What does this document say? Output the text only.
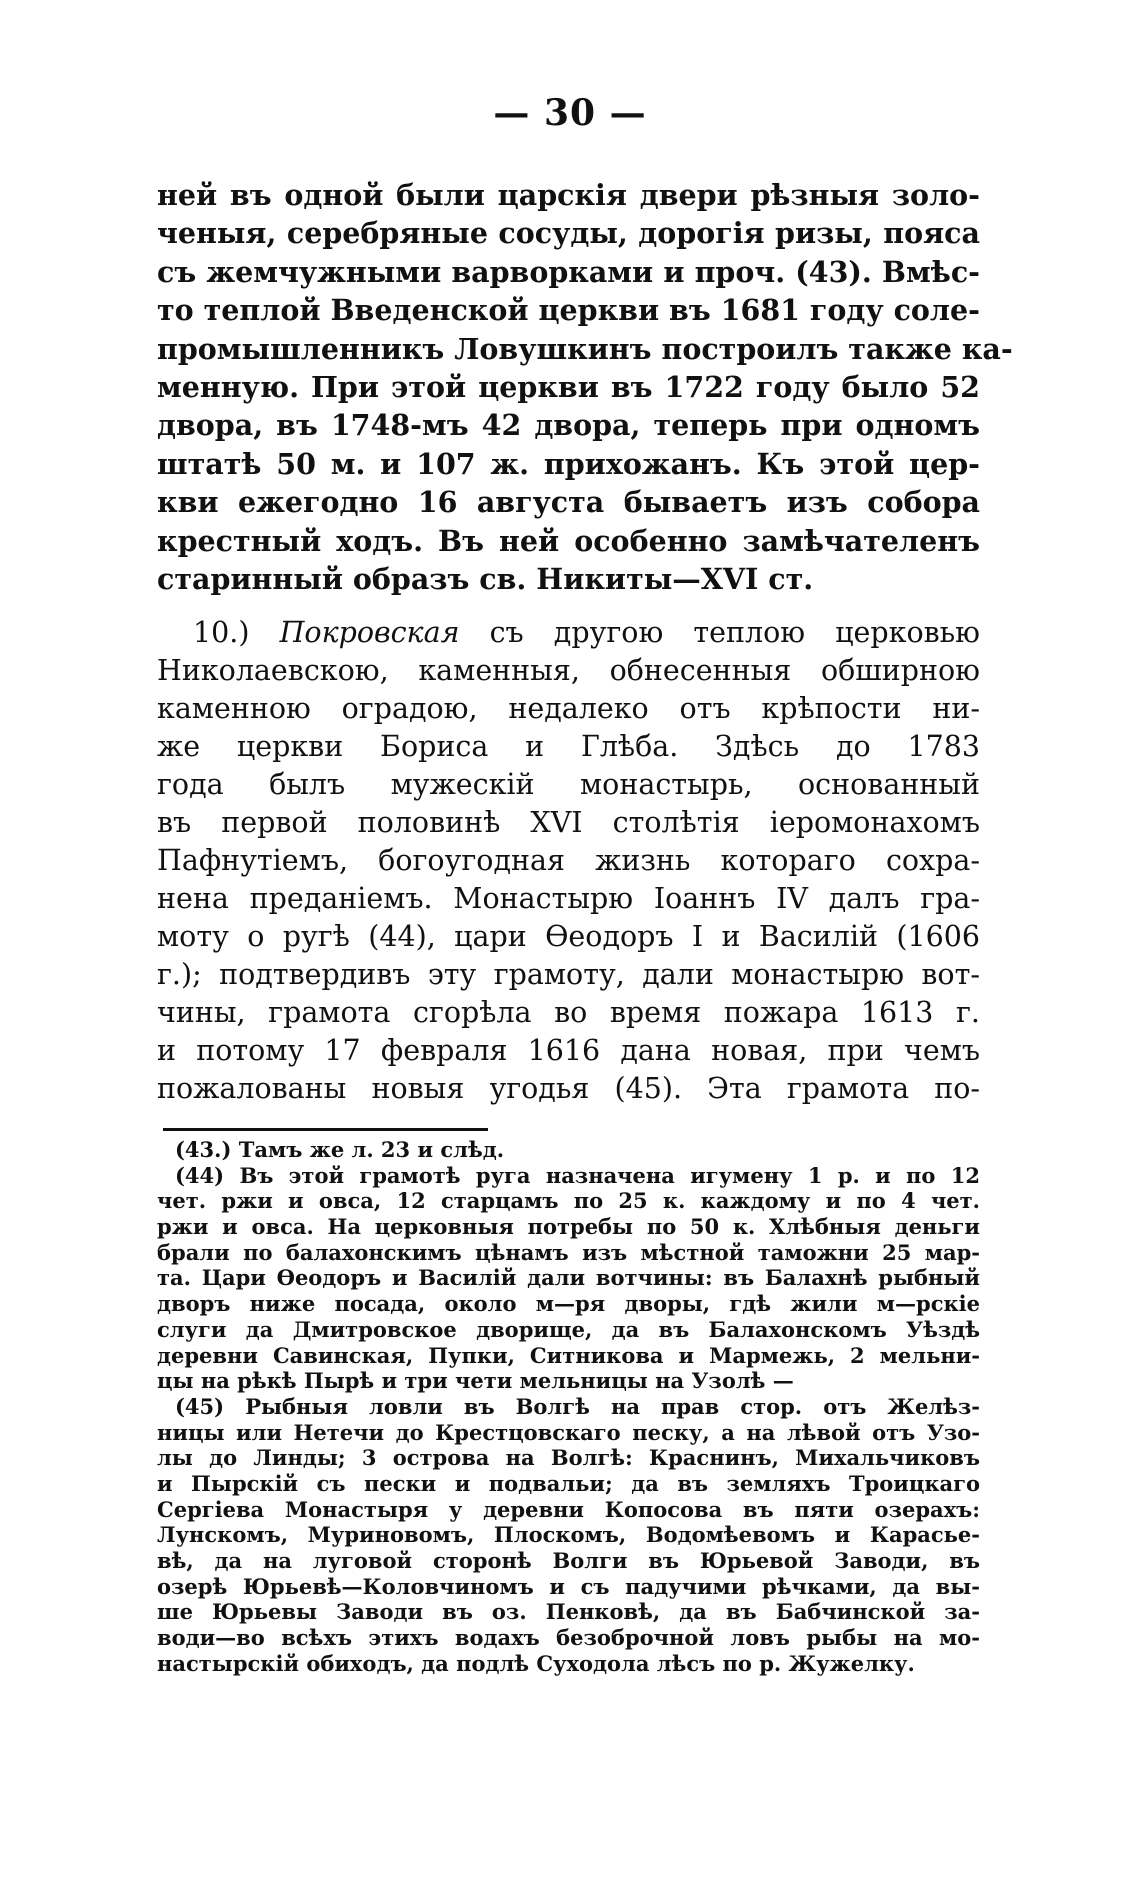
— 30 —
ней въ одной были царскія двери рѣзныя золо-
ченыя, серебряные сосуды, дорогія ризы, пояса
съ жемчужными варворками и проч. (43). Вмѣс-
то теплой Введенской церкви въ 1681 году соле-
промышленникъ Ловушкинъ построилъ также ка-
менную. При этой церкви въ 1722 году было 52
двора, въ 1748-мъ 42 двора, теперь при одномъ
штатѣ 50 м. и 107 ж. прихожанъ. Къ этой цер-
кви ежегодно 16 августа бываетъ изъ собора
крестный ходъ. Въ ней особенно замѣчателенъ
старинный образъ св. Никиты—XVI ст.
10.) Покровская съ другою теплою церковью
Николаевскою, каменныя, обнесенныя обширною
каменною оградою, недалеко отъ крѣпости ни-
же церкви Бориса и Глѣба. Здѣсь до 1783
года былъ мужескій монастырь, основанный
въ первой половинѣ XVI столѣтія іеромонахомъ
Пафнутіемъ, богоугодная жизнь котораго сохра-
нена преданіемъ. Монастырю Іоаннъ IV далъ гра-
моту о ругѣ (44), цари Ѳеодоръ I и Василій (1606
г.); подтвердивъ эту грамоту, дали монастырю вот-
чины, грамота сгорѣла во время пожара 1613 г.
и потому 17 февраля 1616 дана новая, при чемъ
пожалованы новыя угодья (45). Эта грамота по-
(43.) Тамъ же л. 23 и слѣд.
(44) Въ этой грамотѣ руга назначена игумену 1 р. и по 12
чет. ржи и овса, 12 старцамъ по 25 к. каждому и по 4 чет.
ржи и овса. На церковныя потребы по 50 к. Хлѣбныя деньги
брали по балахонскимъ цѣнамъ изъ мѣстной таможни 25 мар-
та. Цари Ѳеодоръ и Василій дали вотчины: въ Балахнѣ рыбный
дворъ ниже посада, около м—ря дворы, гдѣ жили м—рскіе
слуги да Дмитровское дворище, да въ Балахонскомъ Уѣздѣ
деревни Савинская, Пупки, Ситникова и Мармежь, 2 мельни-
цы на рѣкѣ Пырѣ и три чети мельницы на Узолѣ —
(45) Рыбныя ловли въ Волгѣ на прав стор. отъ Желѣз-
ницы или Нетечи до Крестцовскаго песку, а на лѣвой отъ Узо-
лы до Линды; 3 острова на Волгѣ: Краснинъ, Михальчиковъ
и Пырскій съ пески и подвальи; да въ земляхъ Троицкаго
Сергіева Монастыря у деревни Копосова въ пяти озерахъ:
Лунскомъ, Муриновомъ, Плоскомъ, Водомѣевомъ и Карасье-
вѣ, да на луговой сторонѣ Волги въ Юрьевой Заводи, въ
озерѣ Юрьевѣ—Коловчиномъ и съ падучими рѣчками, да вы-
ше Юрьевы Заводи въ оз. Пенковѣ, да въ Бабчинской за-
води—во всѣхъ этихъ водахъ безоброчной ловъ рыбы на мо-
настырскій обиходъ, да подлѣ Суходола лѣсъ по р. Жужелку.
